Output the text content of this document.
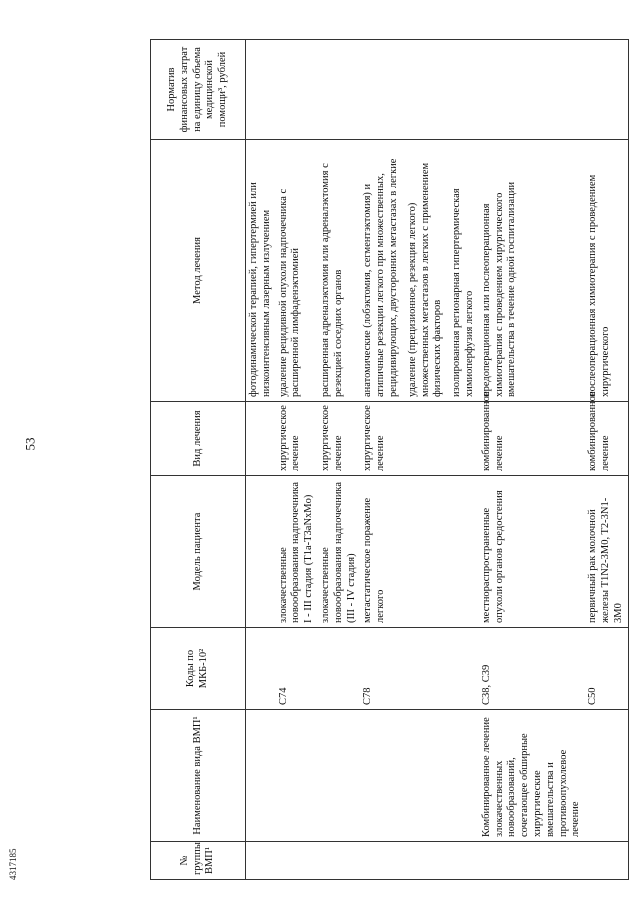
53
4317185	№ группы ВМП¹	Наименование вида ВМП¹	Коды по МКБ-10²	Модель пациента	Вид лечения	Метод лечения	Норматив финансовых затрат на единицу объема медицинской помощи³, рублей
					фотодинамической терапией, гипертермией или низкоинтенсивным лазерным излучением	
		C74	злокачественные новообразования надпочечника I - III стадия (T1a-T3aNxMo)	хирургическое лечение	удаление рецидивной опухоли надпочечника с расширенной лимфаденэктомией	
			злокачественные новообразования надпочечника (III - IV стадия)	хирургическое лечение	расширенная адреналэктомия или адреналэктомия с резекцией соседних органов	
		C78	метастатическое поражение легкого	хирургическое лечение	анатомические (лобэктомия, сегментэктомия) и атипичные резекции легкого при множественных, рецидивирующих, двусторонних метастазах в легкие удаление (прецизионное, резекция легкого) множественных метастазов в легких с применением физических факторов изолированная регионарная гипертермическая химиоперфузия легкого	
	Комбинированное лечение злокачественных новообразований, сочетающее обширные хирургические вмешательства и противоопухолевое лечение	C38, C39	местнораспространенные опухоли органов средостения	комбинированное лечение	предоперационная или послеоперационная химиотерапия с проведением хирургического вмешательства в течение одной госпитализации	
		C50	первичный рак молочной железы T1N2-3M0, T2-3N1-3M0	комбинированное лечение	послеоперационная химиотерапия с проведением хирургического	
